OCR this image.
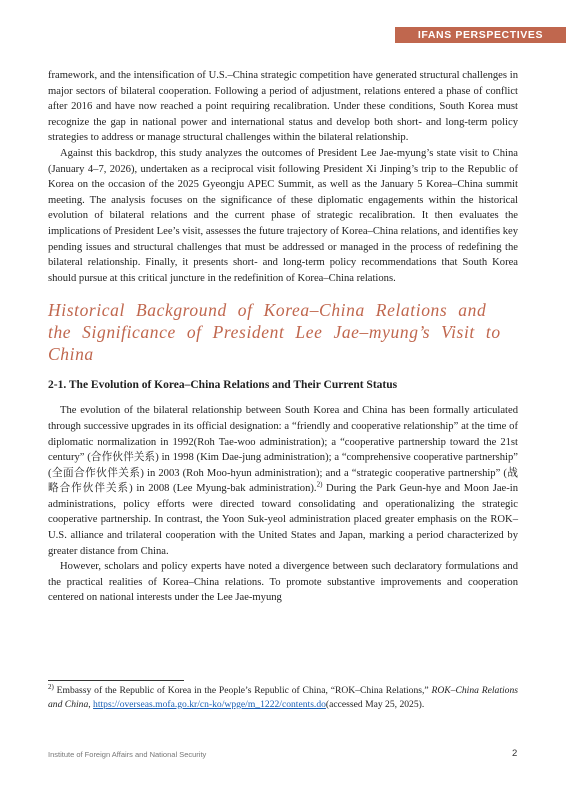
IFANS PERSPECTIVES

framework, and the intensification of U.S.–China strategic competition have generated structural challenges in major sectors of bilateral cooperation. Following a period of adjustment, relations entered a phase of conflict after 2016 and have now reached a point requiring recalibration. Under these conditions, South Korea must recognize the gap in national power and international status and develop both short- and long-term policy strategies to address or manage structural challenges within the bilateral relationship.

Against this backdrop, this study analyzes the outcomes of President Lee Jae-myung’s state visit to China (January 4–7, 2026), undertaken as a reciprocal visit following President Xi Jinping’s trip to the Republic of Korea on the occasion of the 2025 Gyeongju APEC Summit, as well as the January 5 Korea–China summit meeting. The analysis focuses on the significance of these diplomatic engagements within the historical evolution of bilateral relations and the current phase of strategic recalibration. It then evaluates the implications of President Lee’s visit, assesses the future trajectory of Korea–China relations, and identifies key pending issues and structural challenges that must be addressed or managed in the process of redefining the bilateral relationship. Finally, it presents short- and long-term policy recommendations that South Korea should pursue at this critical juncture in the redefinition of Korea–China relations.

Historical Background of Korea–China Relations and the Significance of President Lee Jae–myung’s Visit to China
2-1. The Evolution of Korea–China Relations and Their Current Status

The evolution of the bilateral relationship between South Korea and China has been formally articulated through successive upgrades in its official designation: a “friendly and cooperative relationship” at the time of diplomatic normalization in 1992(Roh Tae-woo administration); a “cooperative partnership toward the 21st century” (合作伙伴关系) in 1998 (Kim Dae-jung administration); a “comprehensive cooperative partnership” (全面合作伙伴关系) in 2003 (Roh Moo-hyun administration); and a “strategic cooperative partnership” (战略合作伙伴关系) in 2008 (Lee Myung-bak administration).$^{2)}$ During the Park Geun-hye and Moon Jae-in administrations, policy efforts were directed toward consolidating and operationalizing the strategic cooperative partnership. In contrast, the Yoon Suk-yeol administration placed greater emphasis on the ROK–U.S. alliance and trilateral cooperation with the United States and Japan, marking a period characterized by greater distance from China.

However, scholars and policy experts have noted a divergence between such declaratory formulations and the practical realities of Korea–China relations. To promote substantive improvements and cooperation centered on national interests under the Lee Jae-myung

$^{2)}$ Embassy of the Republic of Korea in the People’s Republic of China, “ROK–China Relations,” ROK–China Relations and China, https://overseas.mofa.go.kr/cn-ko/wpge/m_1222/contents.do(accessed May 25, 2025).
Institute of Foreign Affairs and National Security	2
